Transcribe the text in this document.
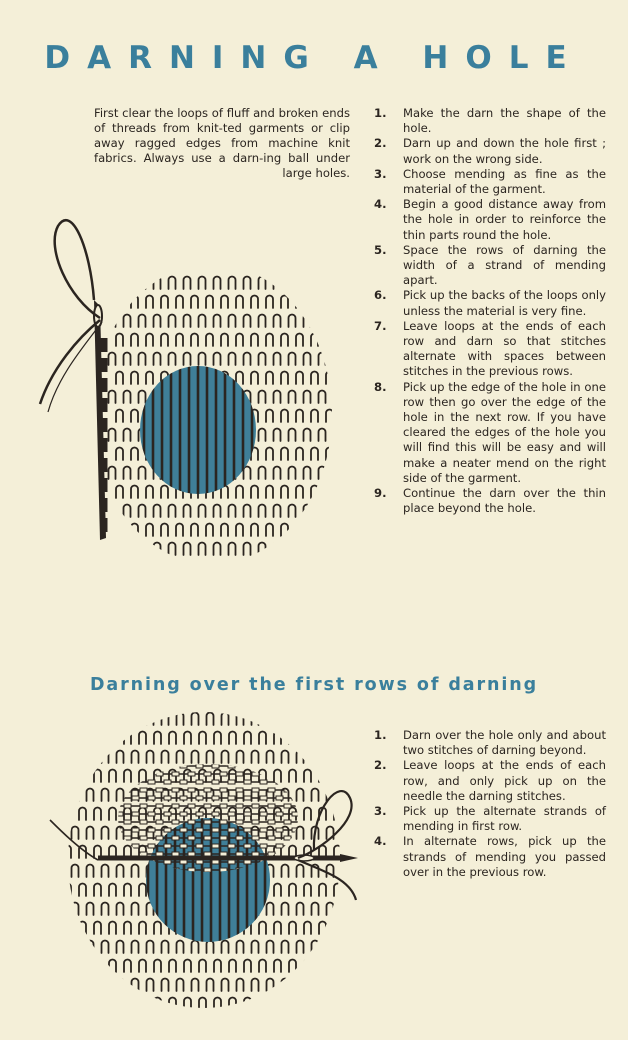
DARNING A HOLE

First clear the loops of fluff and broken ends of threads from knit-ted garments or clip away ragged edges from machine knit fabrics. Always use a darn-ing ball under large holes.

1.	Make the darn the shape of the hole.
2.	Darn up and down the hole first ; work on the wrong side.
3.	Choose mending as fine as the material of the garment.
4.	Begin a good distance away from the hole in order to reinforce the thin parts round the hole.
5.	Space the rows of darning the width of a strand of mending apart.
6.	Pick up the backs of the loops only unless the material is very fine.
7.	Leave loops at the ends of each row and darn so that stitches alternate with spaces between stitches in the previous rows.
8.	Pick up the edge of the hole in one row then go over the edge of the hole in the next row. If you have cleared the edges of the hole you will find this will be easy and will make a neater mend on the right side of the garment.
9.	Continue the darn over the thin place beyond the hole.
Darning over the first rows of darning
1.	Darn over the hole only and about two stitches of darning beyond.
2.	Leave loops at the ends of each row, and only pick up on the needle the darning stitches.
3.	Pick up the alternate strands of mending in first row.
4.	In alternate rows, pick up the strands of mending you passed over in the previous row.
